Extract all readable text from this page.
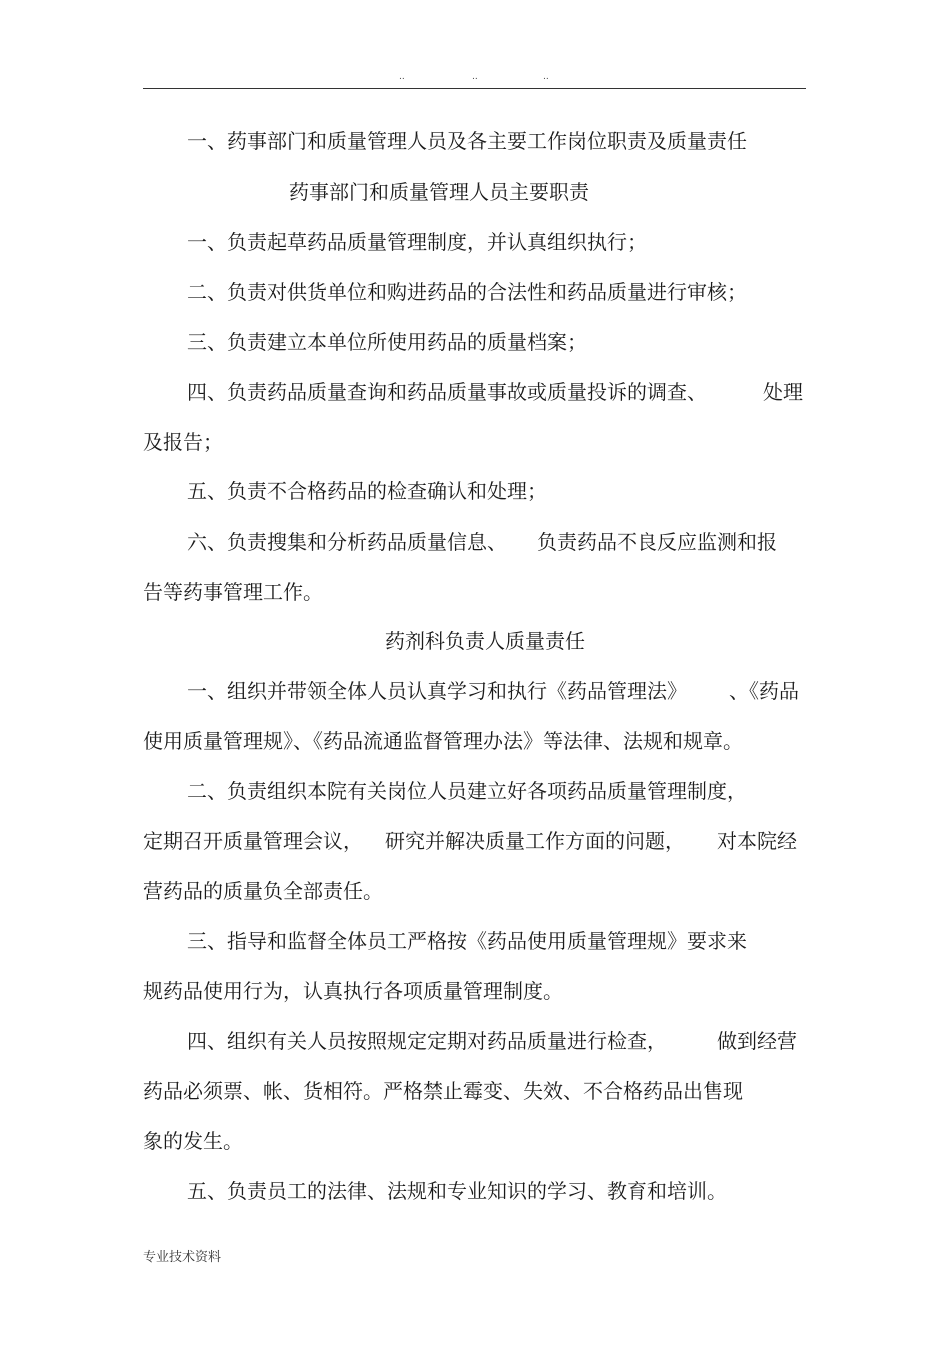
..	..	..
一、药事部门和质量管理人员及各主要工作岗位职责及质量责任
药事部门和质量管理人员主要职责
一、负责起草药品质量管理制度，并认真组织执行；
二、负责对供货单位和购进药品的合法性和药品质量进行审核；
三、负责建立本单位所使用药品的质量档案；
四、负责药品质量查询和药品质量事故或质量投诉的调查、	处理
及报告；
五、负责不合格药品的检查确认和处理；
六、负责搜集和分析药品质量信息、 负责药品不良反应监测和报
告等药事管理工作。
药剂科负责人质量责任
一、组织并带领全体人员认真学习和执行《药品管理法》 、《药品
使用质量管理规》、《药品流通监督管理办法》等法律、法规和规章。
二、负责组织本院有关岗位人员建立好各项药品质量管理制度，
定期召开质量管理会议， 研究并解决质量工作方面的问题， 对本院经
营药品的质量负全部责任。
三、指导和监督全体员工严格按《药品使用质量管理规》要求来
规药品使用行为，认真执行各项质量管理制度。
四、组织有关人员按照规定定期对药品质量进行检查，	做到经营
药品必须票、帐、货相符。严格禁止霉变、失效、不合格药品出售现
象的发生。
五、负责员工的法律、法规和专业知识的学习、教育和培训。
专业技术资料
